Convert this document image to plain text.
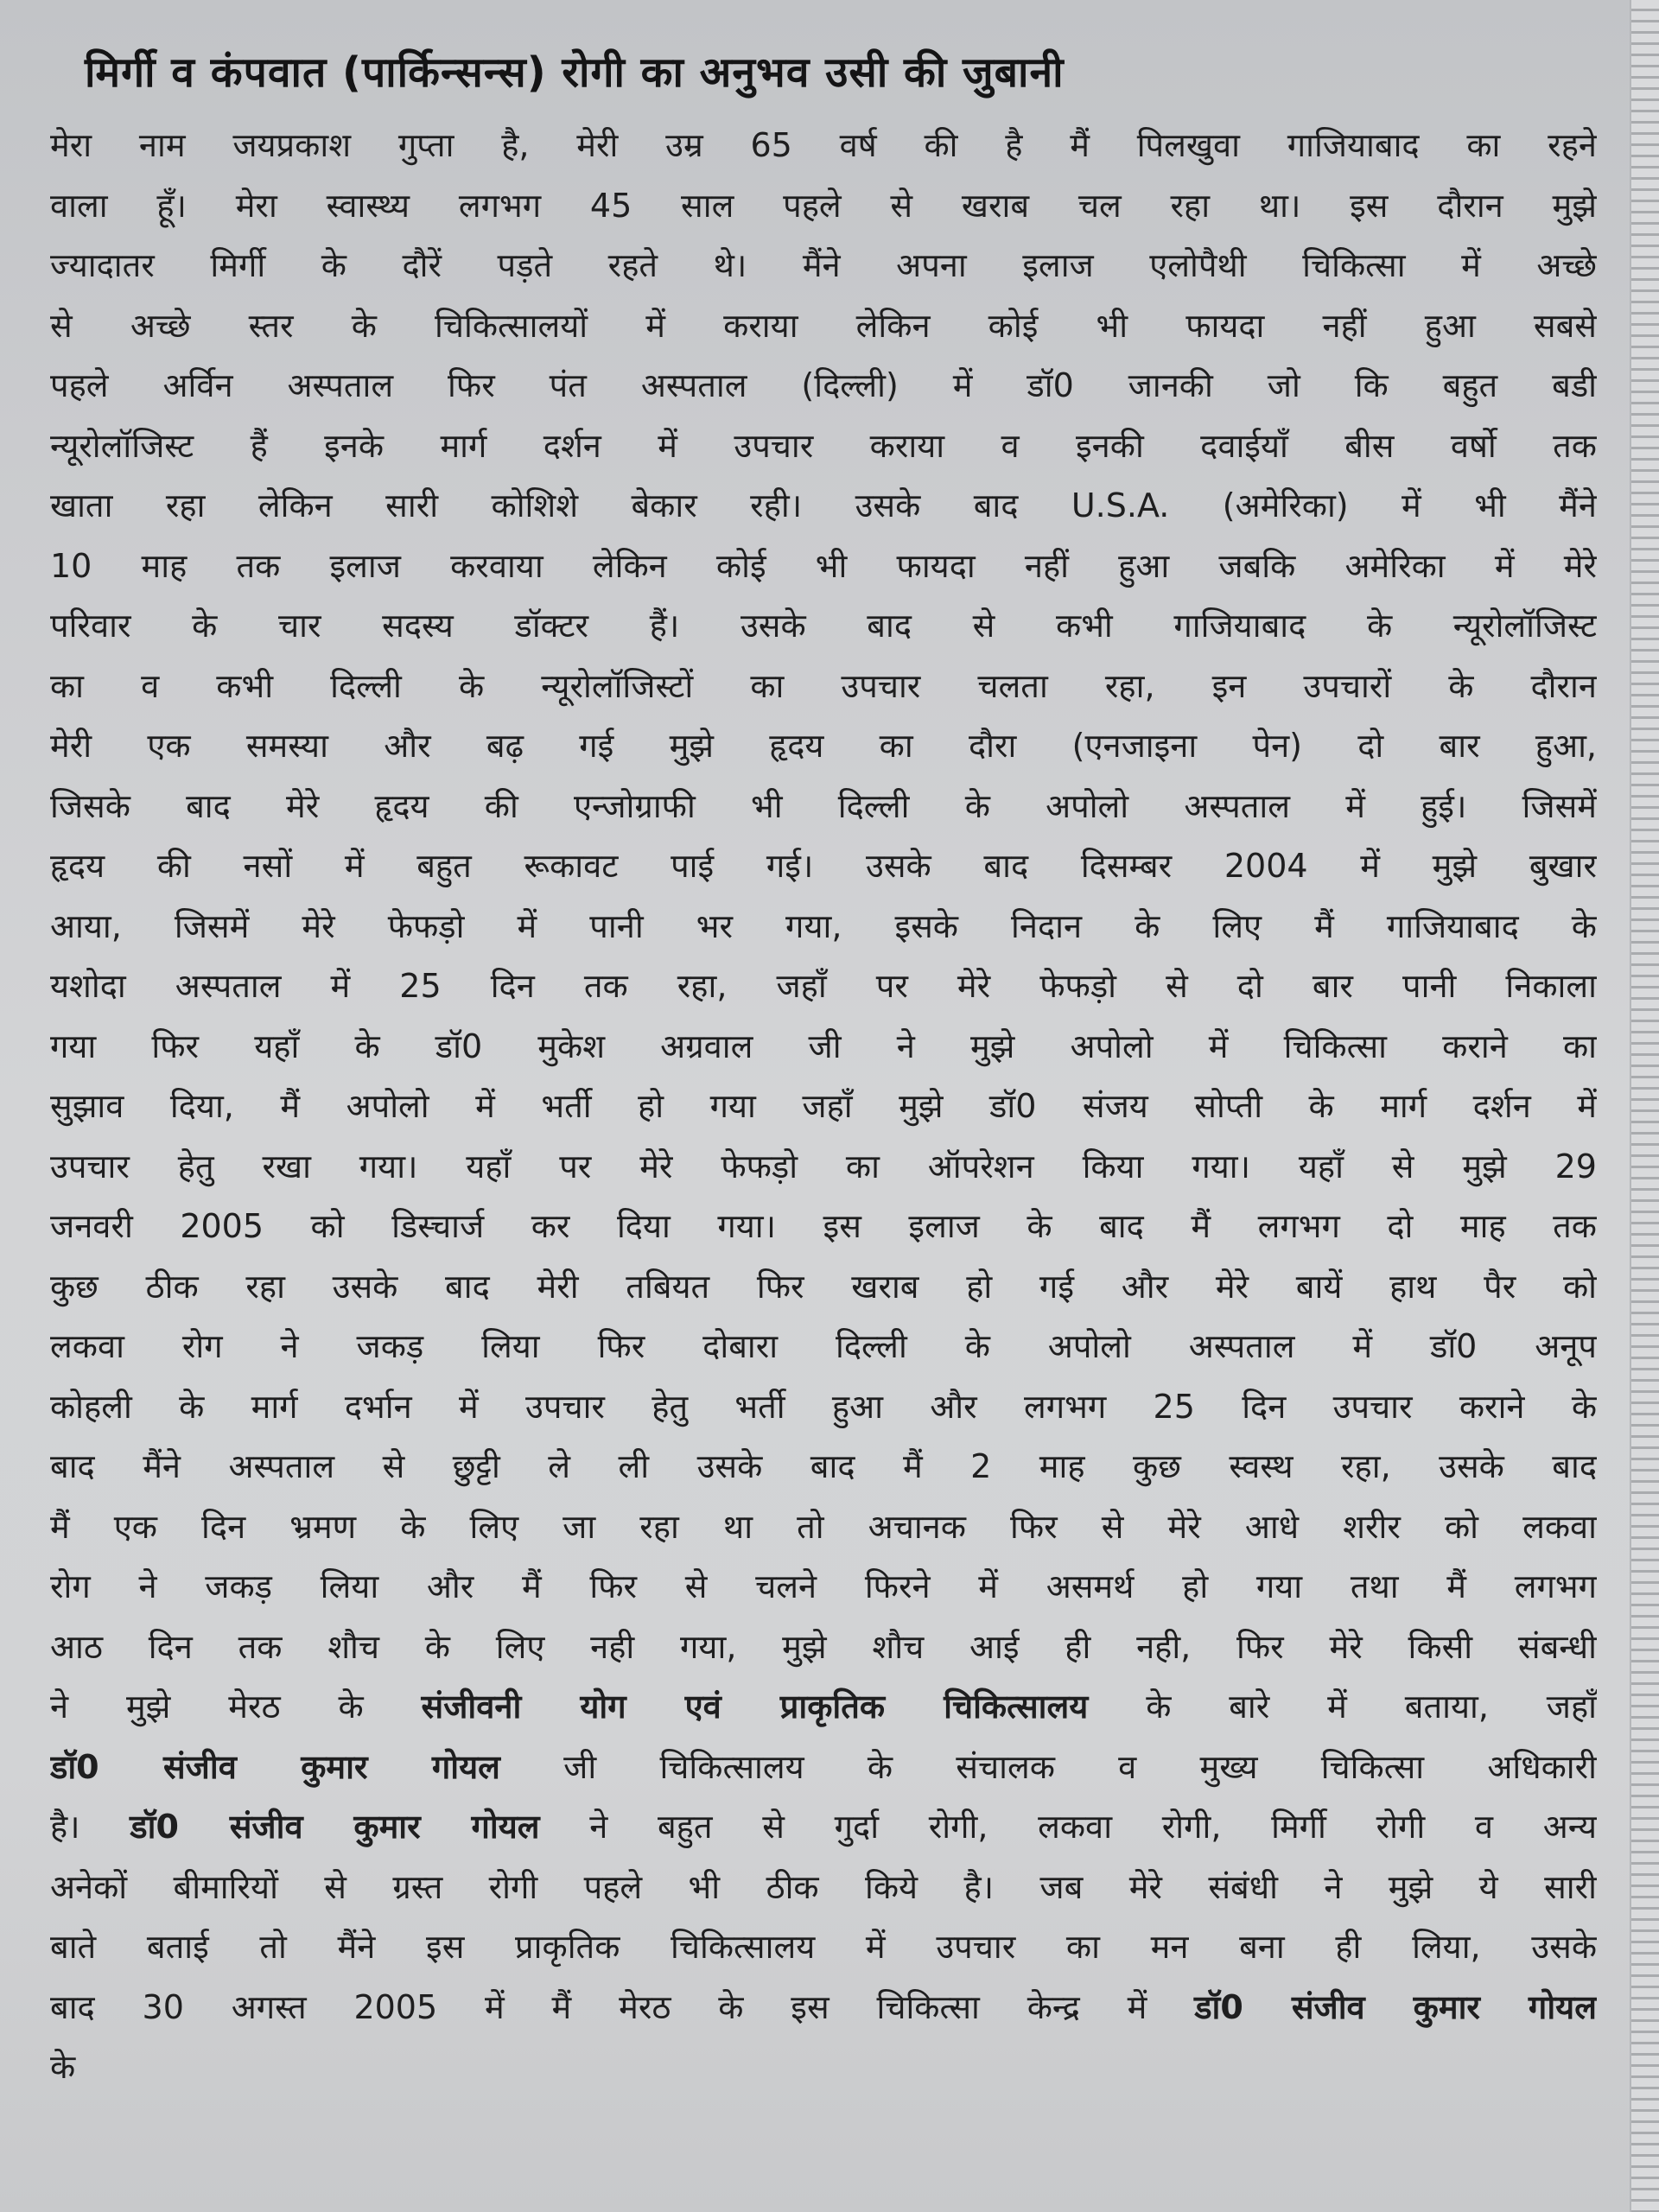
मिर्गी व कंपवात (पार्किन्सन्स) रोगी का अनुभव उसी की जुबानी
मेरा नाम जयप्रकाश गुप्ता है, मेरी उम्र 65 वर्ष की है मैं पिलखुवा गाजियाबाद का रहने
वाला हूँ। मेरा स्वास्थ्य लगभग 45 साल पहले से खराब चल रहा था। इस दौरान मुझे
ज्यादातर मिर्गी के दौरें पड़ते रहते थे। मैंने अपना इलाज एलोपैथी चिकित्सा में अच्छे
से अच्छे स्तर के चिकित्सालयों में कराया लेकिन कोई भी फायदा नहीं हुआ सबसे
पहले अर्विन अस्पताल फिर पंत अस्पताल (दिल्ली) में डॉ0 जानकी जो कि बहुत बडी
न्यूरोलॉजिस्ट हैं इनके मार्ग दर्शन में उपचार कराया व इनकी दवाईयाँ बीस वर्षो तक
खाता रहा लेकिन सारी कोशिशे बेकार रही। उसके बाद U.S.A. (अमेरिका) में भी मैंने
10 माह तक इलाज करवाया लेकिन कोई भी फायदा नहीं हुआ जबकि अमेरिका में मेरे
परिवार के चार सदस्य डॉक्टर हैं। उसके बाद से कभी गाजियाबाद के न्यूरोलॉजिस्ट
का व कभी दिल्ली के न्यूरोलॉजिस्टों का उपचार चलता रहा, इन उपचारों के दौरान
मेरी एक समस्या और बढ़ गई मुझे हृदय का दौरा (एनजाइना पेन) दो बार हुआ,
जिसके बाद मेरे हृदय की एन्जोग्राफी भी दिल्ली के अपोलो अस्पताल में हुई। जिसमें
हृदय की नसों में बहुत रूकावट पाई गई। उसके बाद दिसम्बर 2004 में मुझे बुखार
आया, जिसमें मेरे फेफड़ो में पानी भर गया, इसके निदान के लिए मैं गाजियाबाद के
यशोदा अस्पताल में 25 दिन तक रहा, जहाँ पर मेरे फेफड़ो से दो बार पानी निकाला
गया फिर यहाँ के डॉ0 मुकेश अग्रवाल जी ने मुझे अपोलो में चिकित्सा कराने का
सुझाव दिया, मैं अपोलो में भर्ती हो गया जहाँ मुझे डॉ0 संजय सोप्ती के मार्ग दर्शन में
उपचार हेतु रखा गया। यहाँ पर मेरे फेफड़ो का ऑपरेशन किया गया। यहाँ से मुझे 29
जनवरी 2005 को डिस्चार्ज कर दिया गया। इस इलाज के बाद मैं लगभग दो माह तक
कुछ ठीक रहा उसके बाद मेरी तबियत फिर खराब हो गई और मेरे बायें हाथ पैर को
लकवा रोग ने जकड़ लिया फिर दोबारा दिल्ली के अपोलो अस्पताल में डॉ0 अनूप
कोहली के मार्ग दर्भान में उपचार हेतु भर्ती हुआ और लगभग 25 दिन उपचार कराने के
बाद मैंने अस्पताल से छुट्टी ले ली उसके बाद मैं 2 माह कुछ स्वस्थ रहा, उसके बाद
मैं एक दिन भ्रमण के लिए जा रहा था तो अचानक फिर से मेरे आधे शरीर को लकवा
रोग ने जकड़ लिया और मैं फिर से चलने फिरने में असमर्थ हो गया तथा मैं लगभग
आठ दिन तक शौच के लिए नही गया, मुझे शौच आई ही नही, फिर मेरे किसी संबन्धी
ने मुझे मेरठ के संजीवनी योग एवं प्राकृतिक चिकित्सालय के बारे में बताया, जहाँ
डॉ0 संजीव कुमार गोयल जी चिकित्सालय के संचालक व मुख्य चिकित्सा अधिकारी
है। डॉ0 संजीव कुमार गोयल ने बहुत से गुर्दा रोगी, लकवा रोगी, मिर्गी रोगी व अन्य
अनेकों बीमारियों से ग्रस्त रोगी पहले भी ठीक किये है। जब मेरे संबंधी ने मुझे ये सारी
बाते बताई तो मैंने इस प्राकृतिक चिकित्सालय में उपचार का मन बना ही लिया, उसके
बाद 30 अगस्त 2005 में मैं मेरठ के इस चिकित्सा केन्द्र में डॉ0 संजीव कुमार गोयल
के
